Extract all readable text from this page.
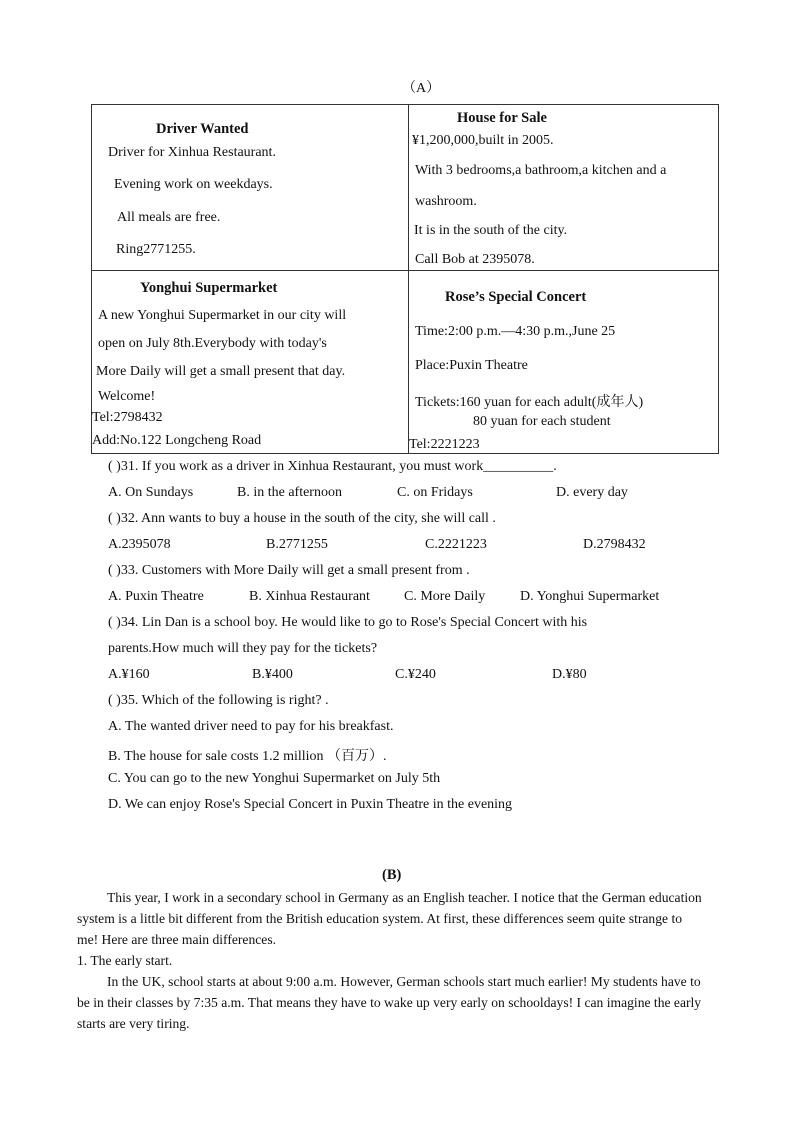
（A）
Driver Wanted
Driver for Xinhua Restaurant.
Evening work on weekdays.
All meals are free.
Ring2771255.
House for Sale
¥1,200,000,built in 2005.
With 3 bedrooms,a bathroom,a kitchen and a
washroom.
It is in the south of the city.
Call Bob at 2395078.
Yonghui Supermarket
A new Yonghui Supermarket in our city will
open on July 8th.Everybody with today's
More Daily will get a small present that day.
Welcome!
Tel:2798432
Add:No.122 Longcheng Road
Rose’s Special Concert
Time:2:00 p.m.—4:30 p.m.,June 25
Place:Puxin Theatre
Tickets:160 yuan for each adult(成年人)
80 yuan for each student
Tel:2221223
( )31. If you work as a driver in Xinhua Restaurant, you must work__________.
A. On Sundays	B. in the afternoon	C. on Fridays	D. every day
( )32. Ann wants to buy a house in the south of the city, she will call .
A.2395078	B.2771255	C.2221223	D.2798432
( )33. Customers with More Daily will get a small present from .
A. Puxin Theatre	B. Xinhua Restaurant C. More Daily D. Yonghui Supermarket
( )34. Lin Dan is a school boy. He would like to go to Rose's Special Concert with his
parents.How much will they pay for the tickets?
A.¥160	B.¥400	C.¥240	D.¥80
( )35. Which of the following is right? .
A. The wanted driver need to pay for his breakfast.
B. The house for sale costs 1.2 million （百万）.
C. You can go to the new Yonghui Supermarket on July 5th
D. We can enjoy Rose's Special Concert in Puxin Theatre in the evening
(B)

This year, I work in a secondary school in Germany as an English teacher. I notice that the German education system is a little bit different from the British education system. At first, these differences seem quite strange to me! Here are three main differences.

1. The early start.

In the UK, school starts at about 9:00 a.m. However, German schools start much earlier! My students have to be in their classes by 7:35 a.m. That means they have to wake up very early on schooldays! I can imagine the early starts are very tiring.
